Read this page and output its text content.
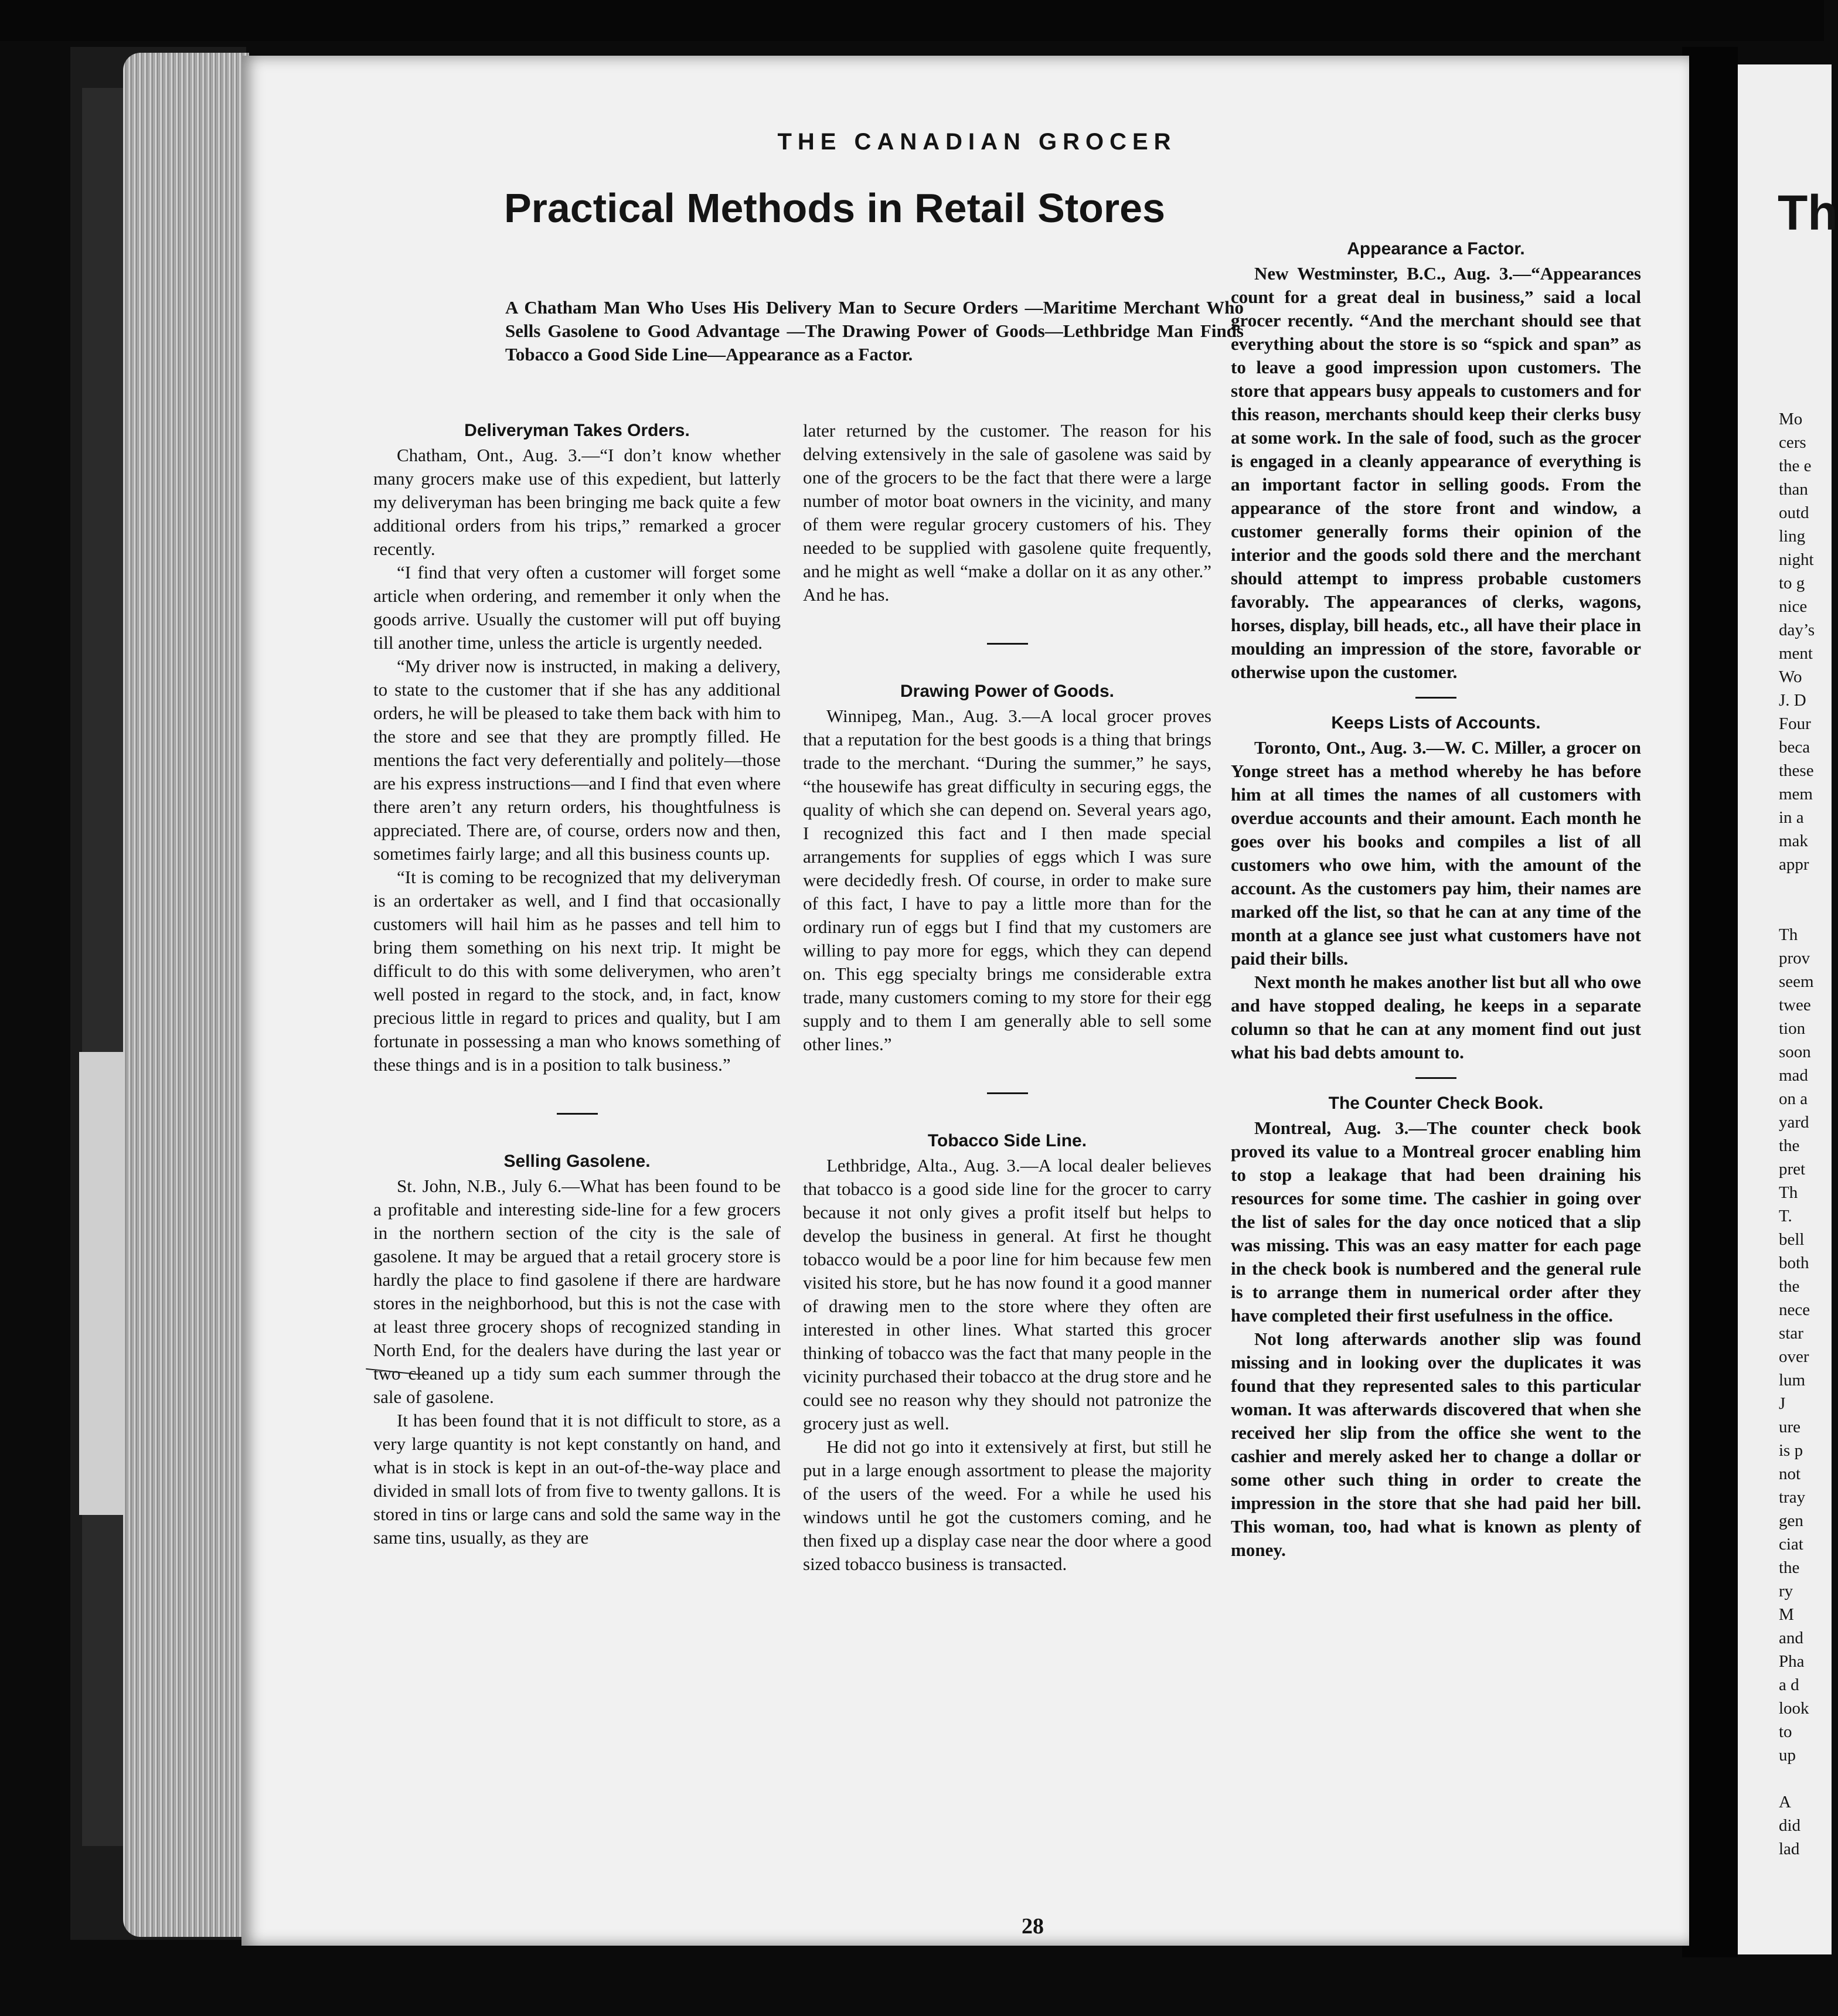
Th
Mo
cers
the e
than
outd
ling
night
to g
nice
day’s
ment
Wo
J. D
Four
beca
these
mem
in a
mak
appr
Th
prov
seem
twee
tion
soon
mad
on a
yard
the
pret
Th
T.
bell
both
the
nece
star
over
lum
J
ure
is p
not
tray
gen
ciat
the
ry
M
and
Pha
a d
look
to
up
A
did
lad
THE CANADIAN GROCER
Practical Methods in Retail Stores
A Chatham Man Who Uses His Delivery Man to Secure Orders —Maritime Merchant Who Sells Gasolene to Good Advantage —The Drawing Power of Goods—Lethbridge Man Finds Tobacco a Good Side Line—Appearance as a Factor.
Deliveryman Takes Orders.

Chatham, Ont., Aug. 3.—“I don’t know whether many grocers make use of this expedient, but latterly my deliveryman has been bringing me back quite a few additional orders from his trips,” remarked a grocer recently.

“I find that very often a customer will forget some article when ordering, and remember it only when the goods arrive. Usually the customer will put off buying till another time, unless the article is urgently needed.

“My driver now is instructed, in making a delivery, to state to the customer that if she has any additional orders, he will be pleased to take them back with him to the store and see that they are promptly filled. He mentions the fact very deferentially and politely—those are his express instructions—and I find that even where there aren’t any return orders, his thoughtfulness is appreciated. There are, of course, orders now and then, sometimes fairly large; and all this business counts up.

“It is coming to be recognized that my deliveryman is an ordertaker as well, and I find that occasionally customers will hail him as he passes and tell him to bring them something on his next trip. It might be difficult to do this with some deliverymen, who aren’t well posted in regard to the stock, and, in fact, know precious little in regard to prices and quality, but I am fortunate in possessing a man who knows something of these things and is in a position to talk business.”

Selling Gasolene.

St. John, N.B., July 6.—What has been found to be a profitable and interesting side-line for a few grocers in the northern section of the city is the sale of gasolene. It may be argued that a retail grocery store is hardly the place to find gasolene if there are hardware stores in the neighborhood, but this is not the case with at least three grocery shops of recognized standing in North End, for the dealers have during the last year or two cleaned up a tidy sum each summer through the sale of gasolene.

It has been found that it is not difficult to store, as a very large quantity is not kept constantly on hand, and what is in stock is kept in an out-of-the-way place and divided in small lots of from five to twenty gallons. It is stored in tins or large cans and sold the same way in the same tins, usually, as they are

later returned by the customer. The reason for his delving extensively in the sale of gasolene was said by one of the grocers to be the fact that there were a large number of motor boat owners in the vicinity, and many of them were regular grocery customers of his. They needed to be supplied with gasolene quite frequently, and he might as well “make a dollar on it as any other.” And he has.

Drawing Power of Goods.

Winnipeg, Man., Aug. 3.—A local grocer proves that a reputation for the best goods is a thing that brings trade to the merchant. “During the summer,” he says, “the housewife has great difficulty in securing eggs, the quality of which she can depend on. Several years ago, I recognized this fact and I then made special arrangements for supplies of eggs which I was sure were decidedly fresh. Of course, in order to make sure of this fact, I have to pay a little more than for the ordinary run of eggs but I find that my customers are willing to pay more for eggs, which they can depend on. This egg specialty brings me considerable extra trade, many customers coming to my store for their egg supply and to them I am generally able to sell some other lines.”

Tobacco Side Line.

Lethbridge, Alta., Aug. 3.—A local dealer believes that tobacco is a good side line for the grocer to carry because it not only gives a profit itself but helps to develop the business in general. At first he thought tobacco would be a poor line for him because few men visited his store, but he has now found it a good manner of drawing men to the store where they often are interested in other lines. What started this grocer thinking of tobacco was the fact that many people in the vicinity purchased their tobacco at the drug store and he could see no reason why they should not patronize the grocery just as well.

He did not go into it extensively at first, but still he put in a large enough assortment to please the majority of the users of the weed. For a while he used his windows until he got the customers coming, and he then fixed up a display case near the door where a good sized tobacco business is transacted.

Appearance a Factor.

New Westminster, B.C., Aug. 3.—“Appearances count for a great deal in business,” said a local grocer recently. “And the merchant should see that everything about the store is so “spick and span” as to leave a good impression upon customers. The store that appears busy appeals to customers and for this reason, merchants should keep their clerks busy at some work. In the sale of food, such as the grocer is engaged in a cleanly appearance of everything is an important factor in selling goods. From the appearance of the store front and window, a customer generally forms their opinion of the interior and the goods sold there and the merchant should attempt to impress probable customers favorably. The appearances of clerks, wagons, horses, display, bill heads, etc., all have their place in moulding an impression of the store, favorable or otherwise upon the customer.

Keeps Lists of Accounts.

Toronto, Ont., Aug. 3.—W. C. Miller, a grocer on Yonge street has a method whereby he has before him at all times the names of all customers with overdue accounts and their amount. Each month he goes over his books and compiles a list of all customers who owe him, with the amount of the account. As the customers pay him, their names are marked off the list, so that he can at any time of the month at a glance see just what customers have not paid their bills.

Next month he makes another list but all who owe and have stopped dealing, he keeps in a separate column so that he can at any moment find out just what his bad debts amount to.

The Counter Check Book.

Montreal, Aug. 3.—The counter check book proved its value to a Montreal grocer enabling him to stop a leakage that had been draining his resources for some time. The cashier in going over the list of sales for the day once noticed that a slip was missing. This was an easy matter for each page in the check book is numbered and the general rule is to arrange them in numerical order after they have completed their first usefulness in the office.

Not long afterwards another slip was found missing and in looking over the duplicates it was found that they represented sales to this particular woman. It was afterwards discovered that when she received her slip from the office she went to the cashier and merely asked her to change a dollar or some other such thing in order to create the impression in the store that she had paid her bill. This woman, too, had what is known as plenty of money.

28
